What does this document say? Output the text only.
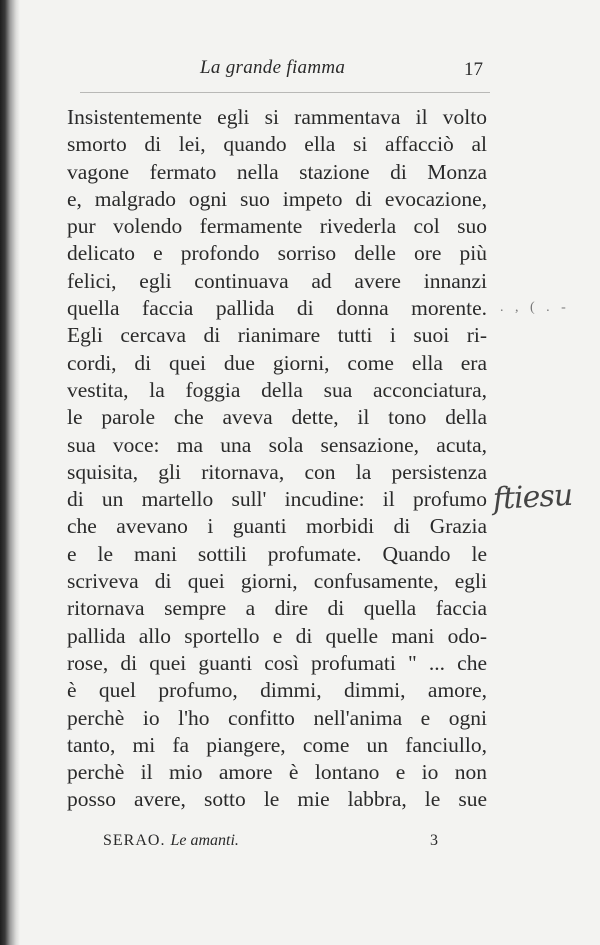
La grande fiamma	17
Insistentemente egli si rammentava il volto
smorto di lei, quando ella si affacciò al
vagone fermato nella stazione di Monza
e, malgrado ogni suo impeto di evocazione,
pur volendo fermamente rivederla col suo
delicato e profondo sorriso delle ore più
felici, egli continuava ad avere innanzi
quella faccia pallida di donna morente.
Egli cercava di rianimare tutti i suoi ri-
cordi, di quei due giorni, come ella era
vestita, la foggia della sua acconciatura,
le parole che aveva dette, il tono della
sua voce: ma una sola sensazione, acuta,
squisita, gli ritornava, con la persistenza
di un martello sull' incudine: il profumo
che avevano i guanti morbidi di Grazia
e le mani sottili profumate. Quando le
scriveva di quei giorni, confusamente, egli
ritornava sempre a dire di quella faccia
pallida allo sportello e di quelle mani odo-
rose, di quei guanti così profumati " ... che
è quel profumo, dimmi, dimmi, amore,
perchè io l'ho confitto nell'anima e ogni
tanto, mi fa piangere, come un fanciullo,
perchè il mio amore è lontano e io non
posso avere, sotto le mie labbra, le sue
. , ( . -
ftiesu
SERAO. Le amanti.	3
